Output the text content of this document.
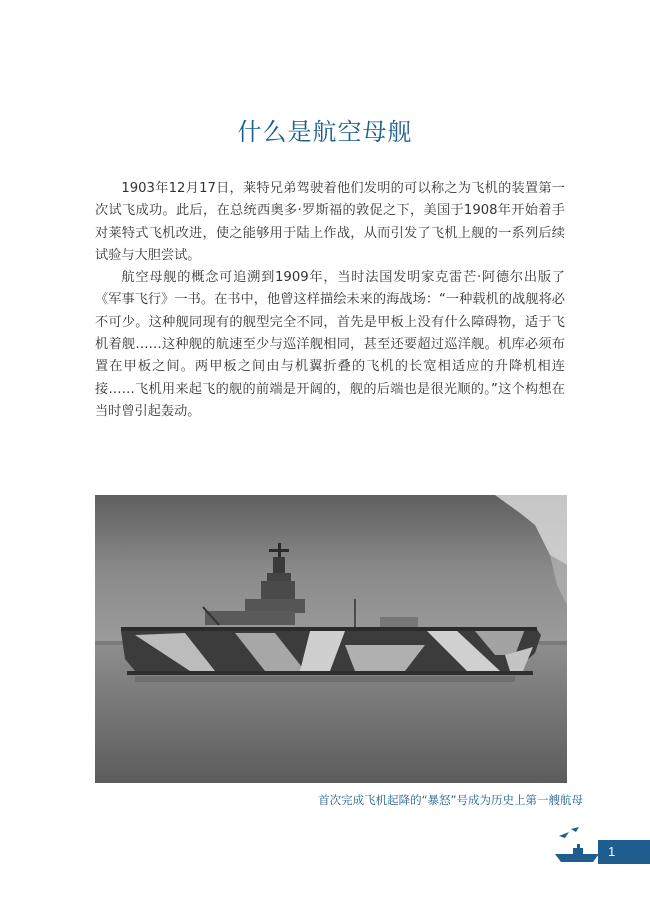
什么是航空母舰

1903年12月17日，莱特兄弟驾驶着他们发明的可以称之为飞机的装置第一次试飞成功。此后，在总统西奥多·罗斯福的敦促之下，美国于1908年开始着手对莱特式飞机改进，使之能够用于陆上作战，从而引发了飞机上舰的一系列后续试验与大胆尝试。

航空母舰的概念可追溯到1909年，当时法国发明家克雷芒·阿德尔出版了《军事飞行》一书。在书中，他曾这样描绘未来的海战场：“一种载机的战舰将必不可少。这种舰同现有的舰型完全不同，首先是甲板上没有什么障碍物，适于飞机着舰……这种舰的航速至少与巡洋舰相同，甚至还要超过巡洋舰。机库必须布置在甲板之间。两甲板之间由与机翼折叠的飞机的长宽相适应的升降机相连接……飞机用来起飞的舰的前端是开阔的，舰的后端也是很光顺的。”这个构想在当时曾引起轰动。

首次完成飞机起降的“暴怒”号成为历史上第一艘航母
1
